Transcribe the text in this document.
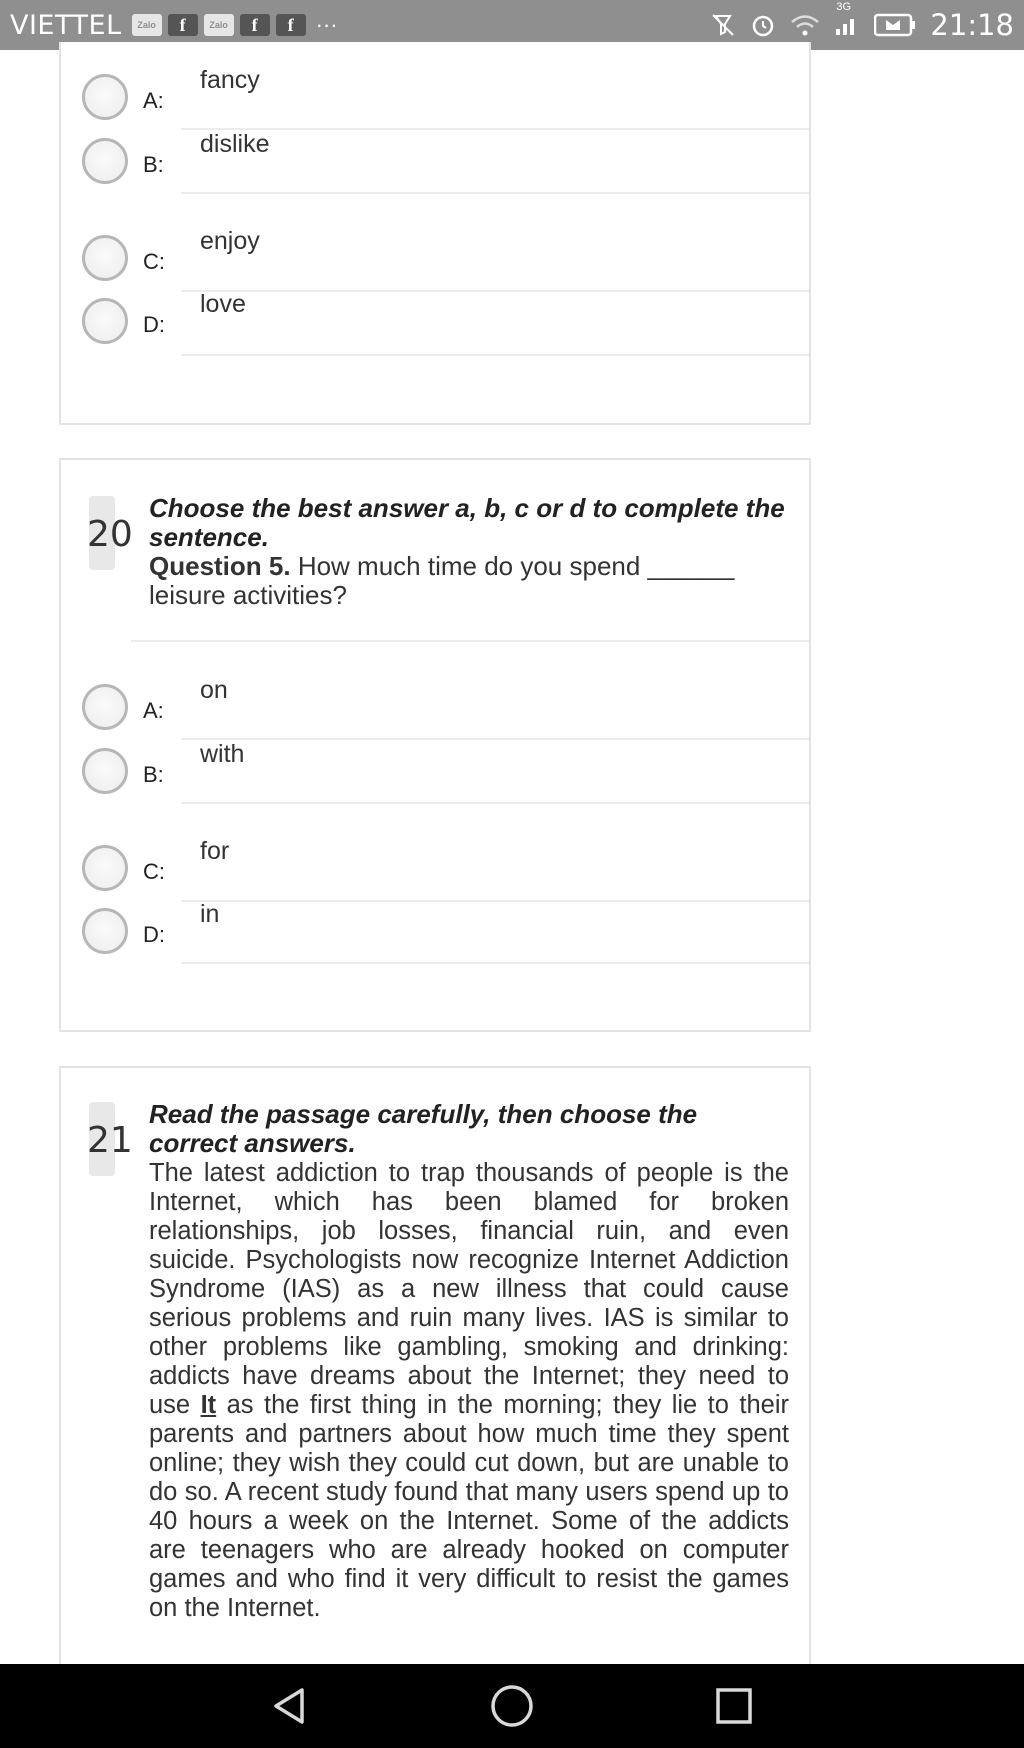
VIETTEL	Zalo	f	Zalo	f	f	···
3G
21:18
A:
fancy
B:
dislike
C:
enjoy
D:
love
20
Choose the best answer a, b, c or d to complete the sentence.
Question 5. How much time do you spend ______ leisure activities?
A:
on
B:
with
C:
for
D:
in
21
Read the passage carefully, then choose the correct answers.
The latest addiction to trap thousands of people is the Internet, which has been blamed for broken relationships, job losses, financial ruin, and even suicide. Psychologists now recognize Internet Addiction Syndrome (IAS) as a new illness that could cause serious problems and ruin many lives. IAS is similar to other problems like gambling, smoking and drinking: addicts have dreams about the Internet; they need to use It as the first thing in the morning; they lie to their parents and partners about how much time they spent online; they wish they could cut down, but are unable to do so. A recent study found that many users spend up to 40 hours a week on the Internet. Some of the addicts are teenagers who are already hooked on computer games and who find it very difficult to resist the games on the Internet.
